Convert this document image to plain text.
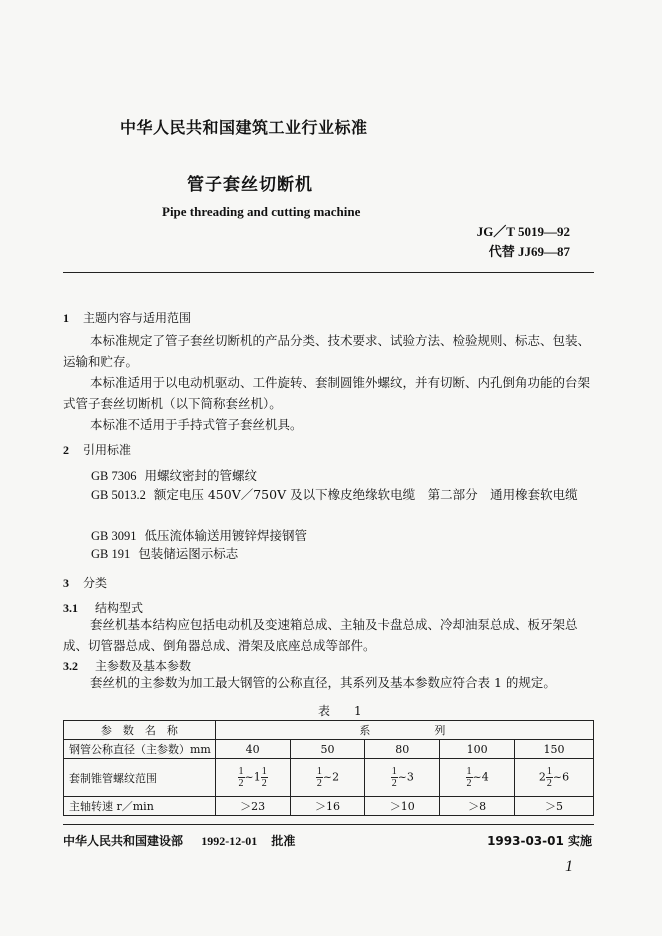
中华人民共和国建筑工业行业标准
管子套丝切断机
Pipe threading and cutting machine
JG／T 5019—92
代替 JJ69—87
1 主题内容与适用范围
本标准规定了管子套丝切断机的产品分类、技术要求、试验方法、检验规则、标志、包装、运输和贮存。
本标准适用于以电动机驱动、工件旋转、套制圆锥外螺纹，并有切断、内孔倒角功能的台架式管子套丝切断机（以下简称套丝机）。
本标准不适用于手持式管子套丝机具。
2 引用标准
GB 7306 用螺纹密封的管螺纹
GB 5013.2 额定电压 450V／750V 及以下橡皮绝缘软电缆　第二部分　通用橡套软电缆
GB 3091 低压流体输送用镀锌焊接钢管
GB 191 包装储运图示标志
3 分类
3.1 结构型式
套丝机基本结构应包括电动机及变速箱总成、主轴及卡盘总成、冷却油泵总成、板牙架总成、切管器总成、倒角器总成、滑架及底座总成等部件。
3.2 主参数及基本参数
套丝机的主参数为加工最大钢管的公称直径，其系列及基本参数应符合表 1 的规定。
表　1
参　数　名　称	系　　　　列				
钢管公称直径（主参数）mm	40	50	80	100	150
套制锥管螺纹范围	$\frac{1}{2}$ ~1 $\frac{1}{2}$	$\frac{1}{2}$ ~2	$\frac{1}{2}$ ~3	$\frac{1}{2}$ ~4	$2 \frac{1}{2}$ ~6
主轴转速 r／min	＞23	＞16	＞10	＞8	＞5
中华人民共和国建设部 1992-12-01 批准	1993-03-01 实施
1
